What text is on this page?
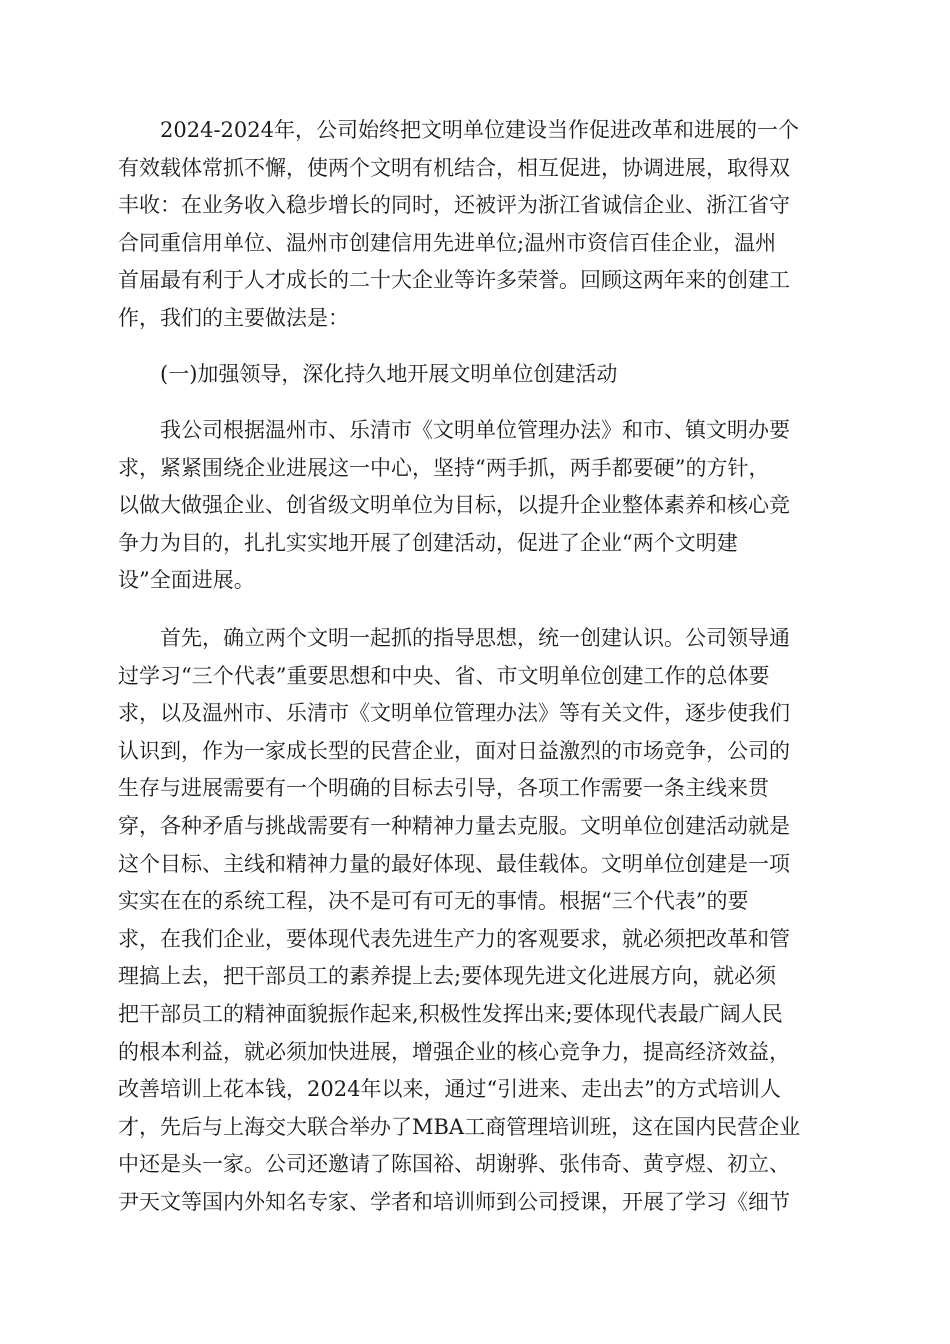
2024-2024年，公司始终把文明单位建设当作促进改革和进展的一个
有效载体常抓不懈，使两个文明有机结合，相互促进，协调进展，取得双
丰收：在业务收入稳步增长的同时，还被评为浙江省诚信企业、浙江省守
合同重信用单位、温州市创建信用先进单位;温州市资信百佳企业，温州
首届最有利于人才成长的二十大企业等许多荣誉。回顾这两年来的创建工
作，我们的主要做法是：
(一)加强领导，深化持久地开展文明单位创建活动
我公司根据温州市、乐清市《文明单位管理办法》和市、镇文明办要
求，紧紧围绕企业进展这一中心，坚持“两手抓，两手都要硬”的方针，
以做大做强企业、创省级文明单位为目标，以提升企业整体素养和核心竞
争力为目的，扎扎实实地开展了创建活动，促进了企业“两个文明建
设”全面进展。
首先，确立两个文明一起抓的指导思想，统一创建认识。公司领导通
过学习“三个代表”重要思想和中央、省、市文明单位创建工作的总体要
求，以及温州市、乐清市《文明单位管理办法》等有关文件，逐步使我们
认识到，作为一家成长型的民营企业，面对日益激烈的市场竞争，公司的
生存与进展需要有一个明确的目标去引导，各项工作需要一条主线来贯
穿，各种矛盾与挑战需要有一种精神力量去克服。文明单位创建活动就是
这个目标、主线和精神力量的最好体现、最佳载体。文明单位创建是一项
实实在在的系统工程，决不是可有可无的事情。根据“三个代表”的要
求，在我们企业，要体现代表先进生产力的客观要求，就必须把改革和管
理搞上去，把干部员工的素养提上去;要体现先进文化进展方向，就必须
把干部员工的精神面貌振作起来,积极性发挥出来;要体现代表最广阔人民
的根本利益，就必须加快进展，增强企业的核心竞争力，提高经济效益，
改善培训上花本钱，2024年以来，通过“引进来、走出去”的方式培训人
才，先后与上海交大联合举办了MBA工商管理培训班，这在国内民营企业
中还是头一家。公司还邀请了陈国裕、胡谢骅、张伟奇、黄亨煜、初立、
尹天文等国内外知名专家、学者和培训师到公司授课，开展了学习《细节
